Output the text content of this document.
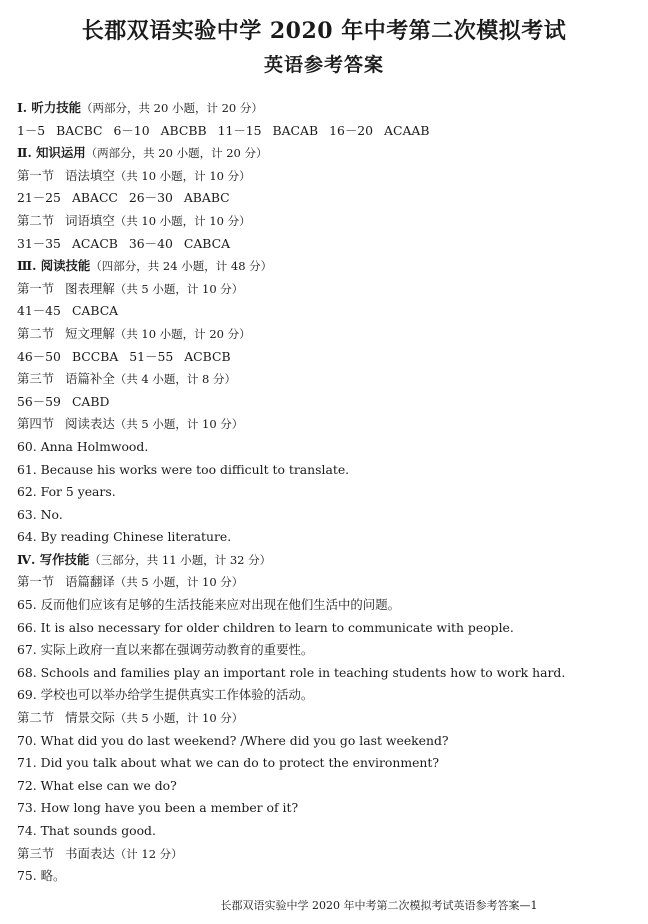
长郡双语实验中学 2020 年中考第二次模拟考试
英语参考答案
Ⅰ. 听力技能（两部分，共 20 小题，计 20 分）
1－5 BACBC 6－10 ABCBB 11－15 BACAB 16－20 ACAAB
Ⅱ. 知识运用（两部分，共 20 小题，计 20 分）
第一节 语法填空（共 10 小题，计 10 分）
21－25 ABACC 26－30 ABABC
第二节 词语填空（共 10 小题，计 10 分）
31－35 ACACB 36－40 CABCA
Ⅲ. 阅读技能（四部分，共 24 小题，计 48 分）
第一节 图表理解（共 5 小题，计 10 分）
41－45 CABCA
第二节 短文理解（共 10 小题，计 20 分）
46－50 BCCBA 51－55 ACBCB
第三节 语篇补全（共 4 小题，计 8 分）
56－59 CABD
第四节 阅读表达（共 5 小题，计 10 分）
60. Anna Holmwood.
61. Because his works were too difficult to translate.
62. For 5 years.
63. No.
64. By reading Chinese literature.
Ⅳ. 写作技能（三部分，共 11 小题，计 32 分）
第一节 语篇翻译（共 5 小题，计 10 分）
65. 反而他们应该有足够的生活技能来应对出现在他们生活中的问题。
66. It is also necessary for older children to learn to communicate with people.
67. 实际上政府一直以来都在强调劳动教育的重要性。
68. Schools and families play an important role in teaching students how to work hard.
69. 学校也可以举办给学生提供真实工作体验的活动。
第二节 情景交际（共 5 小题，计 10 分）
70. What did you do last weekend? /Where did you go last weekend?
71. Did you talk about what we can do to protect the environment?
72. What else can we do?
73. How long have you been a member of it?
74. That sounds good.
第三节 书面表达（计 12 分）
75. 略。
长郡双语实验中学 2020 年中考第二次模拟考试英语参考答案—1
